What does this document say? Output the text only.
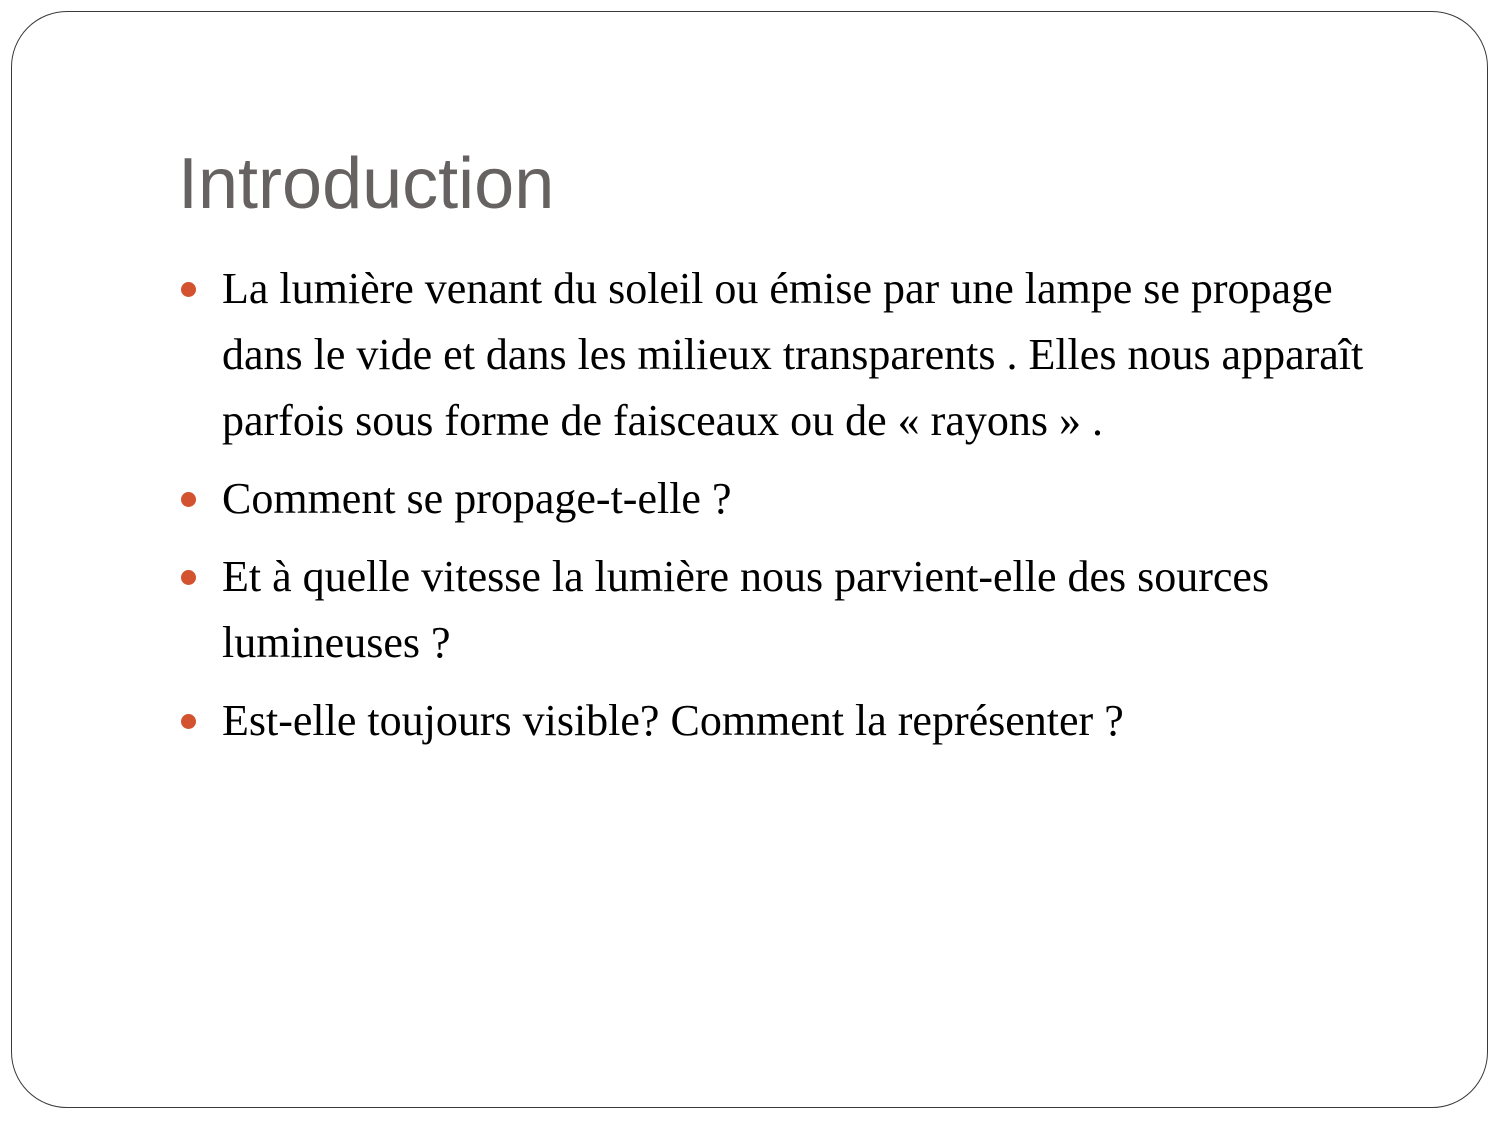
Introduction
La lumière venant du soleil ou émise par une lampe se propage dans le vide et dans les milieux transparents . Elles nous apparaît parfois sous forme de faisceaux ou de « rayons » .
Comment se propage-t-elle ?
Et à quelle vitesse la lumière nous parvient-elle des sources lumineuses ?
Est-elle toujours visible? Comment la représenter ?
